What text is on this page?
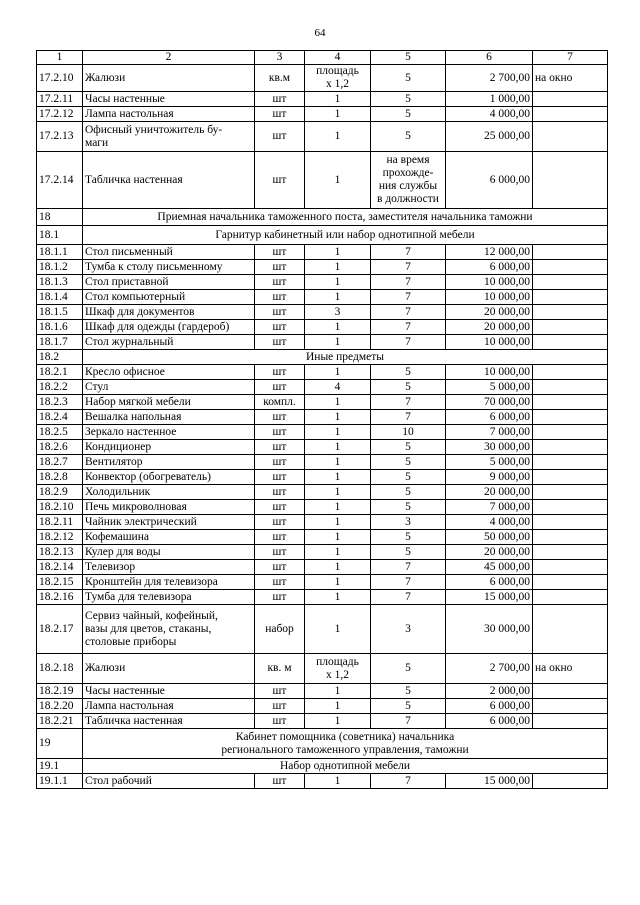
64
1	2	3	4	5	6	7
17.2.10	Жалюзи	кв.м	площадь
х 1,2	5	2 700,00	на окно
17.2.11	Часы настенные	шт	1	5	1 000,00	
17.2.12	Лампа настольная	шт	1	5	4 000,00	
17.2.13	Офисный уничтожитель бу-
маги	шт	1	5	25 000,00	
17.2.14	Табличка настенная	шт	1	на время
прохожде-
ния службы
в должности	6 000,00	
18	Приемная начальника таможенного поста, заместителя начальника таможни					
18.1	Гарнитур кабинетный или набор однотипной мебели					
18.1.1	Стол письменный	шт	1	7	12 000,00	
18.1.2	Тумба к столу письменному	шт	1	7	6 000,00	
18.1.3	Стол приставной	шт	1	7	10 000,00	
18.1.4	Стол компьютерный	шт	1	7	10 000,00	
18.1.5	Шкаф для документов	шт	3	7	20 000,00	
18.1.6	Шкаф для одежды (гардероб)	шт	1	7	20 000,00	
18.1.7	Стол журнальный	шт	1	7	10 000,00	
18.2	Иные предметы					
18.2.1	Кресло офисное	шт	1	5	10 000,00	
18.2.2	Стул	шт	4	5	5 000,00	
18.2.3	Набор мягкой мебели	компл.	1	7	70 000,00	
18.2.4	Вешалка напольная	шт	1	7	6 000,00	
18.2.5	Зеркало настенное	шт	1	10	7 000,00	
18.2.6	Кондиционер	шт	1	5	30 000,00	
18.2.7	Вентилятор	шт	1	5	5 000,00	
18.2.8	Конвектор (обогреватель)	шт	1	5	9 000,00	
18.2.9	Холодильник	шт	1	5	20 000,00	
18.2.10	Печь микроволновая	шт	1	5	7 000,00	
18.2.11	Чайник электрический	шт	1	3	4 000,00	
18.2.12	Кофемашина	шт	1	5	50 000,00	
18.2.13	Кулер для воды	шт	1	5	20 000,00	
18.2.14	Телевизор	шт	1	7	45 000,00	
18.2.15	Кронштейн для телевизора	шт	1	7	6 000,00	
18.2.16	Тумба для телевизора	шт	1	7	15 000,00	
18.2.17	Сервиз чайный, кофейный,
вазы для цветов, стаканы,
столовые приборы	набор	1	3	30 000,00	
18.2.18	Жалюзи	кв. м	площадь
х 1,2	5	2 700,00	на окно
18.2.19	Часы настенные	шт	1	5	2 000,00	
18.2.20	Лампа настольная	шт	1	5	6 000,00	
18.2.21	Табличка настенная	шт	1	7	6 000,00	
19	Кабинет помощника (советника) начальника
регионального таможенного управления, таможни					
19.1	Набор однотипной мебели					
19.1.1	Стол рабочий	шт	1	7	15 000,00	
